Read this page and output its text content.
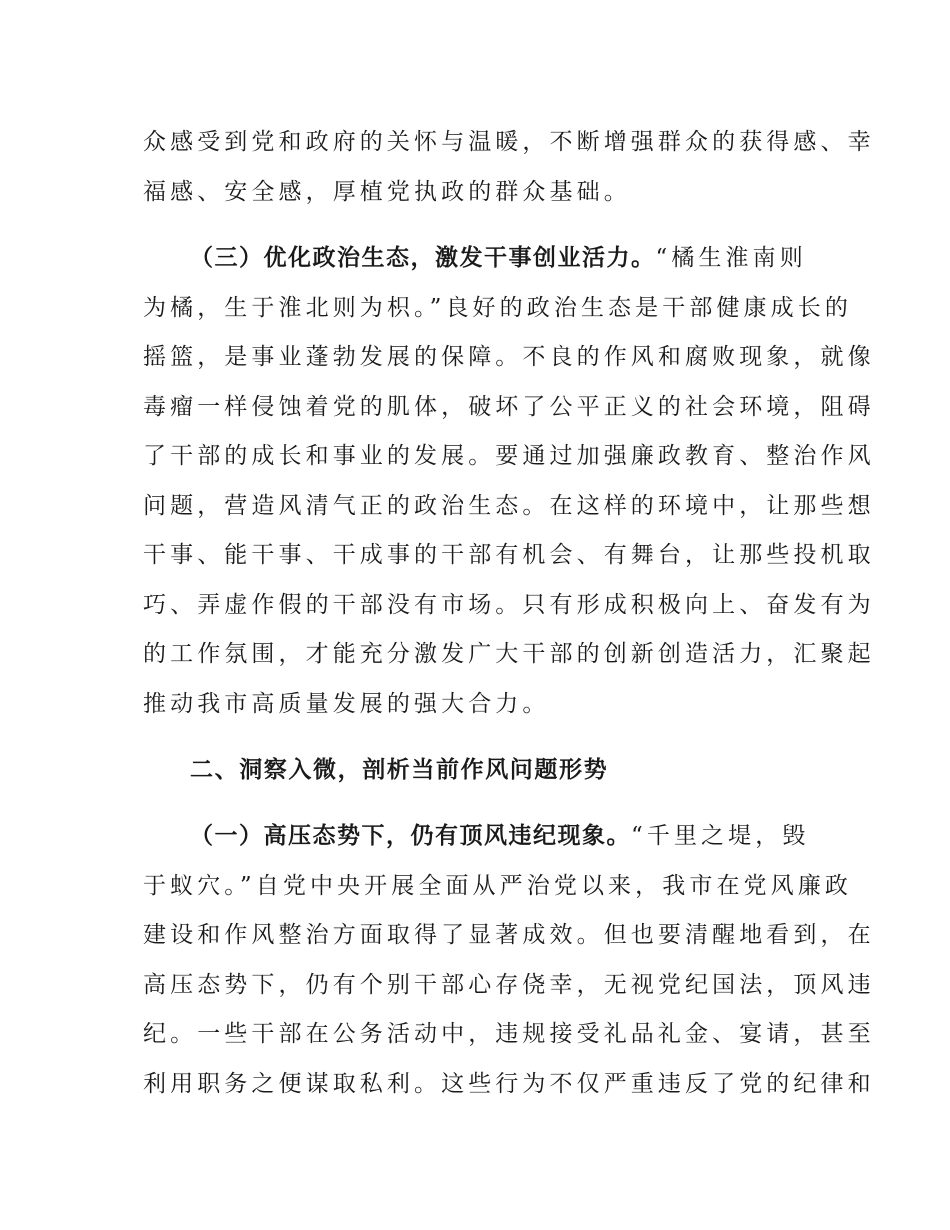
众感受到党和政府的关怀与温暖，不断增强群众的获得感、幸
福感、安全感，厚植党执政的群众基础。
（三）优化政治生态，激发干事创业活力。“橘生淮南则
为橘，生于淮北则为枳。”良好的政治生态是干部健康成长的
摇篮，是事业蓬勃发展的保障。不良的作风和腐败现象，就像
毒瘤一样侵蚀着党的肌体，破坏了公平正义的社会环境，阻碍
了干部的成长和事业的发展。要通过加强廉政教育、整治作风
问题，营造风清气正的政治生态。在这样的环境中，让那些想
干事、能干事、干成事的干部有机会、有舞台，让那些投机取
巧、弄虚作假的干部没有市场。只有形成积极向上、奋发有为
的工作氛围，才能充分激发广大干部的创新创造活力，汇聚起
推动我市高质量发展的强大合力。
二、洞察入微，剖析当前作风问题形势
（一）高压态势下，仍有顶风违纪现象。“千里之堤，毁
于蚁穴。”自党中央开展全面从严治党以来，我市在党风廉政
建设和作风整治方面取得了显著成效。但也要清醒地看到，在
高压态势下，仍有个别干部心存侥幸，无视党纪国法，顶风违
纪。一些干部在公务活动中，违规接受礼品礼金、宴请，甚至
利用职务之便谋取私利。这些行为不仅严重违反了党的纪律和
